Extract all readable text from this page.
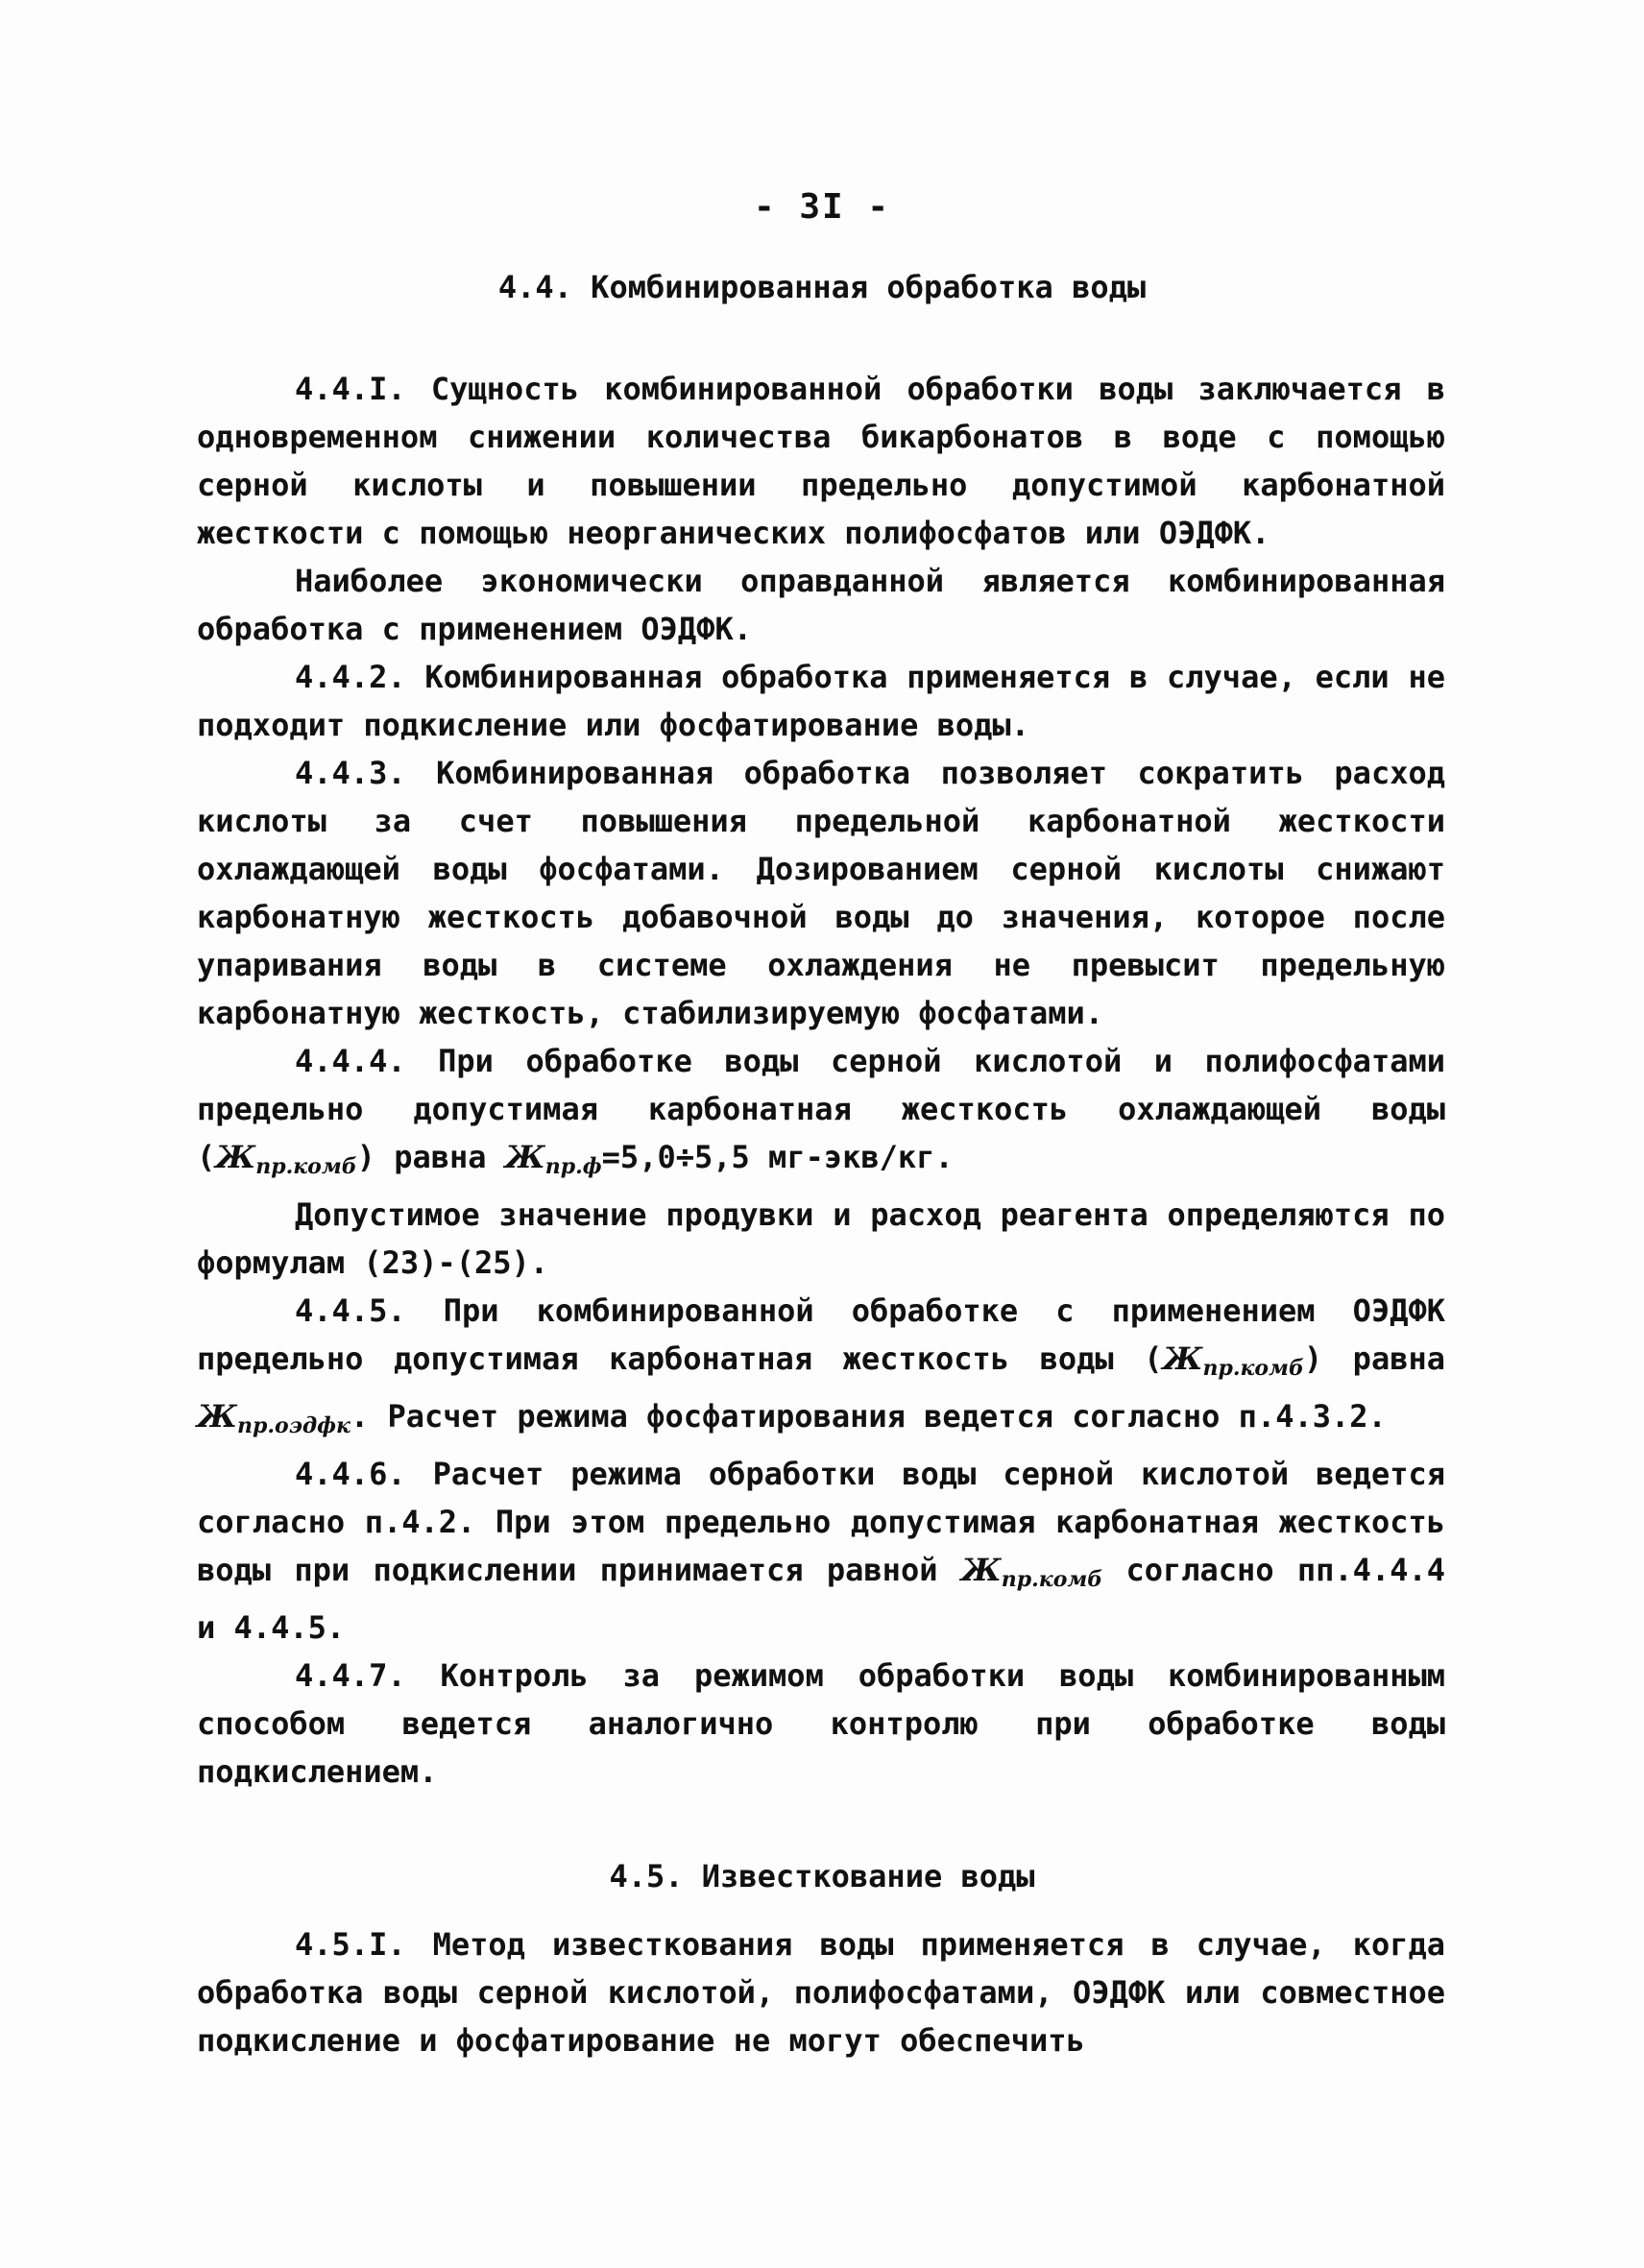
- 3I -
4.4. Комбинированная обработка воды

4.4.I. Сущность комбинированной обработки воды заключается в одновременном снижении количества бикарбонатов в воде с помощью серной кислоты и повышении предельно допустимой карбонатной жесткости с помощью неорганических полифосфатов или ОЭДФК.

Наиболее экономически оправданной является комбинированная обработка с применением ОЭДФК.

4.4.2. Комбинированная обработка применяется в случае, если не подходит подкисление или фосфатирование воды.

4.4.3. Комбинированная обработка позволяет сократить расход кислоты за счет повышения предельной карбонатной жесткости охлаждающей воды фосфатами. Дозированием серной кислоты снижают карбонатную жесткость добавочной воды до значения, которое после упаривания воды в системе охлаждения не превысит предельную карбонатную жесткость, стабилизируемую фосфатами.

4.4.4. При обработке воды серной кислотой и полифосфатами предельно допустимая карбонатная жесткость охлаждающей воды $(Ж_{пр.комб})$ равна $Ж_{пр.ф}=5,0\div 5,5$ мг-экв/кг.

Допустимое значение продувки и расход реагента определяются по формулам (23)-(25).

4.4.5. При комбинированной обработке с применением ОЭДФК предельно допустимая карбонатная жесткость воды $(Ж_{пр.комб})$ равна $Ж_{пр.оэдфк}$. Расчет режима фосфатирования ведется согласно п.4.3.2.

4.4.6. Расчет режима обработки воды серной кислотой ведется согласно п.4.2. При этом предельно допустимая карбонатная жесткость воды при подкислении принимается равной $Ж_{пр.комб}$ согласно пп.4.4.4 и 4.4.5.

4.4.7. Контроль за режимом обработки воды комбинированным способом ведется аналогично контролю при обработке воды подкислением.

4.5. Известкование воды

4.5.I. Метод известкования воды применяется в случае, когда обработка воды серной кислотой, полифосфатами, ОЭДФК или совместное подкисление и фосфатирование не могут обеспечить
